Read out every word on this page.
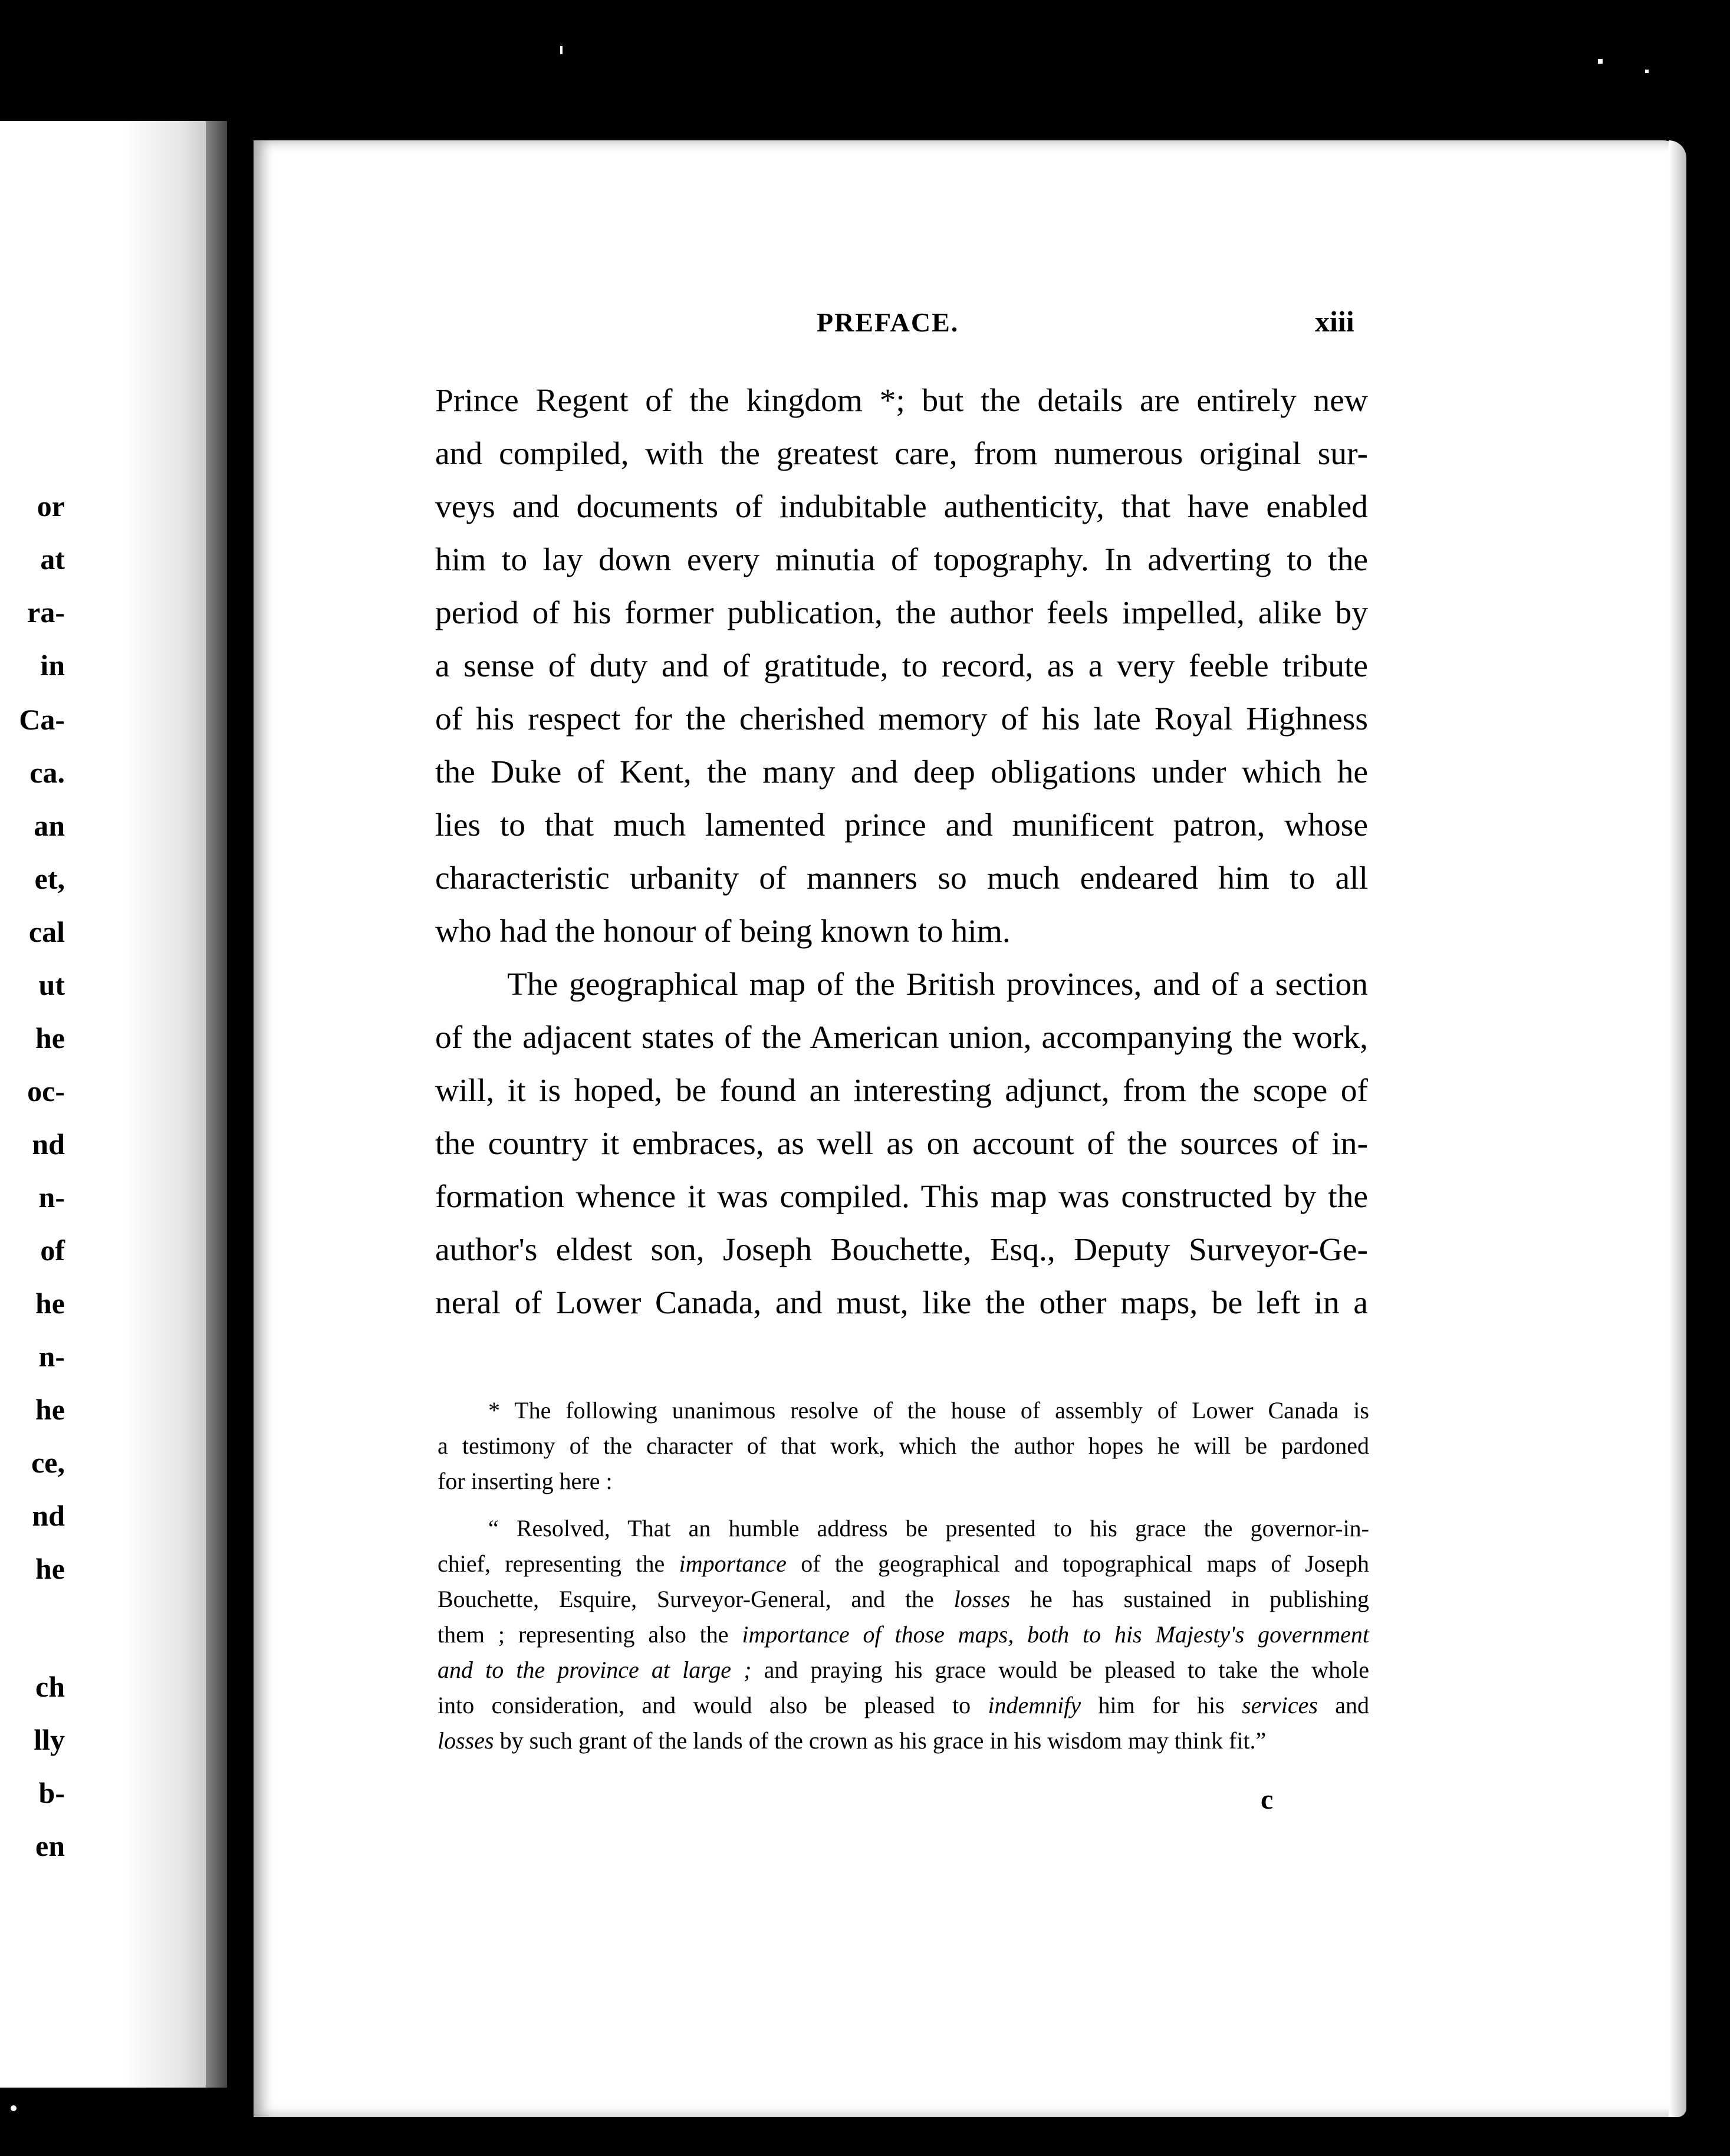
or
at
ra-
in
Ca-
ca.
an
et,
cal
ut
he
oc-
nd
n-
of
he
n-
he
ce,
nd
he
ch
lly
b-
en
PREFACE.	xiii
Prince Regent of the kingdom *; but the details are entirely new
and compiled, with the greatest care, from numerous original sur-
veys and documents of indubitable authenticity, that have enabled
him to lay down every minutia of topography. In adverting to the
period of his former publication, the author feels impelled, alike by
a sense of duty and of gratitude, to record, as a very feeble tribute
of his respect for the cherished memory of his late Royal Highness
the Duke of Kent, the many and deep obligations under which he
lies to that much lamented prince and munificent patron, whose
characteristic urbanity of manners so much endeared him to all
who had the honour of being known to him.
The geographical map of the British provinces, and of a section
of the adjacent states of the American union, accompanying the work,
will, it is hoped, be found an interesting adjunct, from the scope of
the country it embraces, as well as on account of the sources of in-
formation whence it was compiled. This map was constructed by the
author's eldest son, Joseph Bouchette, Esq., Deputy Surveyor-Ge-
neral of Lower Canada, and must, like the other maps, be left in a
* The following unanimous resolve of the house of assembly of Lower Canada is
a testimony of the character of that work, which the author hopes he will be pardoned
for inserting here :
“ Resolved, That an humble address be presented to his grace the governor-in-
chief, representing the importance of the geographical and topographical maps of Joseph
Bouchette, Esquire, Surveyor-General, and the losses he has sustained in publishing
them ; representing also the importance of those maps, both to his Majesty's government
and to the province at large ; and praying his grace would be pleased to take the whole
into consideration, and would also be pleased to indemnify him for his services and
losses by such grant of the lands of the crown as his grace in his wisdom may think fit.”
c
